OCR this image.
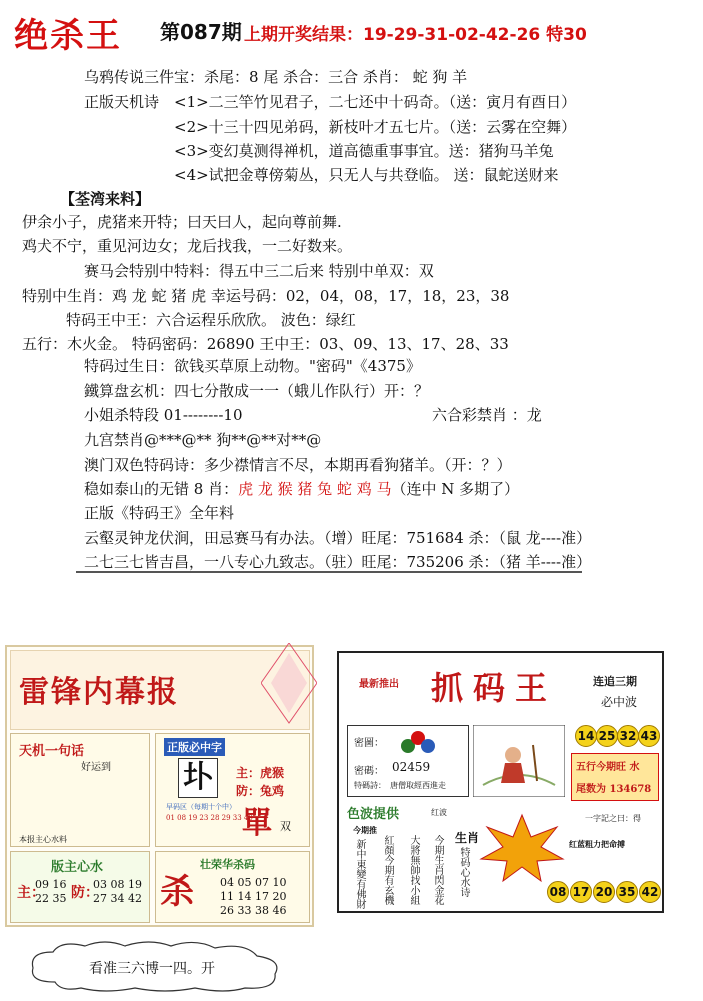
绝杀王 第087期 上期开奖结果：19-29-31-02-42-26 特30
乌鸦传说三件宝：杀尾：8 尾 杀合：三合 杀肖： 蛇 狗 羊
正版天机诗 <1>二三竿竹见君子，二七还中十码奇。（送：寅月有酉日）
<2>十三十四见弟码，新枝叶才五七片。（送：云雾在空舞）
<3>变幻莫测得禅机，道高德重事事宜。送：猪狗马羊兔
<4>试把金尊傍菊丛，只无人与共登临。 送：鼠蛇送财来
【荃湾来料】
伊余小子，虎猪来开特；曰天曰人，起向尊前舞.
鸡犬不宁，重见河边女；龙后找我，一二好数来。
赛马会特别中特料：得五中三二后来 特别中单双：双
特别中生肖：鸡 龙 蛇 猪 虎 幸运号码：02，04，08，17，18，23，38
特码王中王：六合运程乐欣欣。 波色：绿红
五行：木火金。 特码密码：26890 王中王：03、09、13、17、28、33
特码过生日：欲钱买草原上动物。"密码"《4375》
鐵算盘玄机：四七分散成一一（蛾儿作队行）开：？
小姐杀特段 01--------10	六合彩禁肖 ：龙
九宫禁肖@***@** 狗**@**对**@
澳门双色特码诗：多少襟情言不尽，本期再看狗猪羊。（开：？）
稳如泰山的无错 8 肖：虎 龙 猴 猪 兔 蛇 鸡 马（连中 N 多期了）
正版《特码王》全年料
云壑灵钟龙伏涧，田忌赛马有办法。（增）旺尾：751684 杀：（鼠 龙----准）
二七三七皆吉昌，一八专心九致志。（驻）旺尾：735206 杀：（猪 羊----准）
雷锋内幕报
天机一句话
好运到
本报主心水料
正版必中字
圤	主：虎猴
防：兔鸡
早码区（每期十个中）
01 08 19 23 28 29 33 40
單 双
版主心水
主：
09 16
22 35 防：
03 08 19
27 34 42
壮荣华杀码
杀 04 05 07 10
11 14 17 20
26 33 38 46
最新推出 抓码王	连追三期
必中波
密圖：
密碼： 02459
特碼詩： 唐僧取經西進走
14 25 32 43
五行今期旺 水
尾数为 134678
一字記之曰：得
红蓝粗力把命搏
色波提供	红波
今期推
新中東變有佛財 紅顏今期有玄機 大將無帥找小組 今期生肖閃金花 生肖
特码心水诗	08 17 20 35 42
看准三六博一四。开
